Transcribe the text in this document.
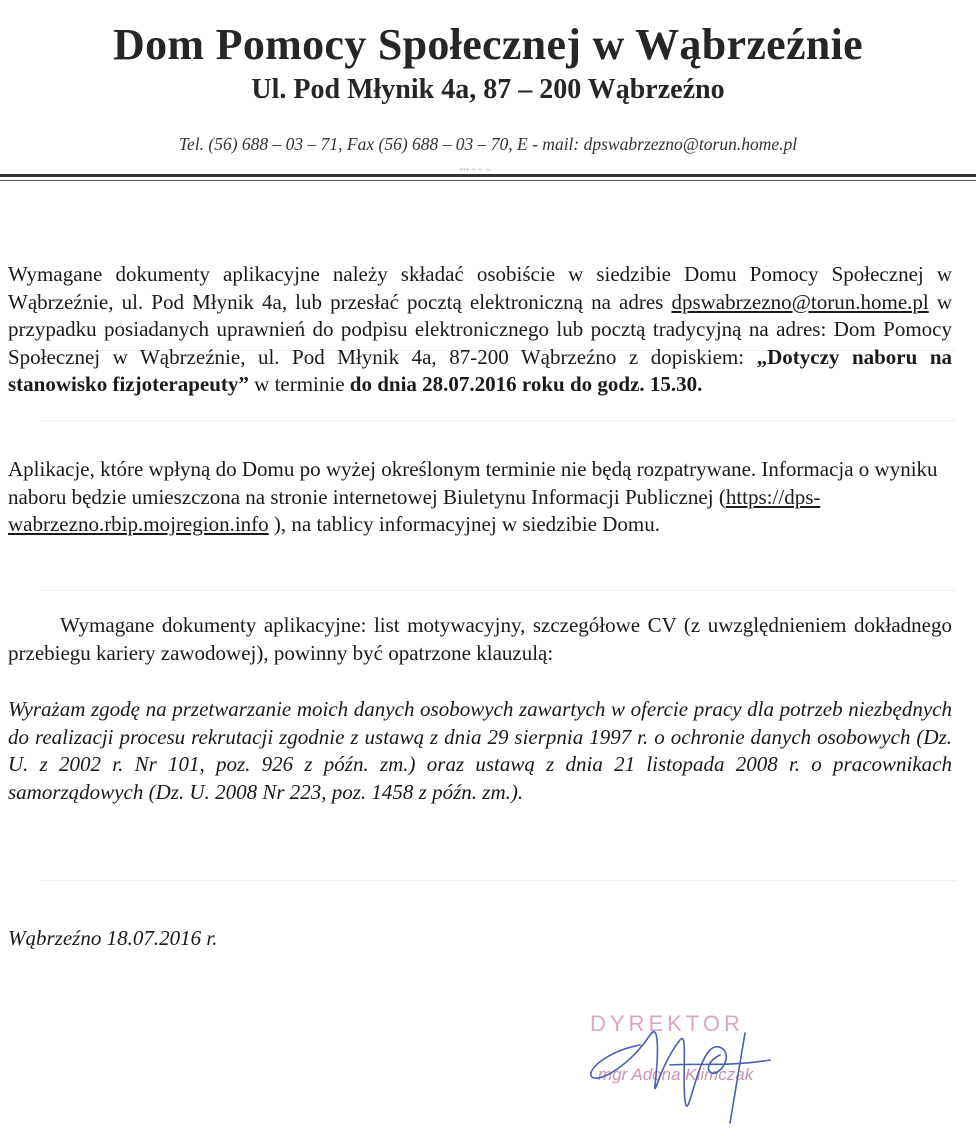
Dom Pomocy Społecznej w Wąbrzeźnie

Ul. Pod Młynik 4a, 87 – 200 Wąbrzeźno

Tel. (56) 688 – 03 – 71, Fax (56) 688 – 03 – 70, E - mail: dpswabrzezno@torun.home.pl
WPŁ. 0 - 0 - 25
Wymagane dokumenty aplikacyjne należy składać osobiście w siedzibie Domu Pomocy Społecznej w Wąbrzeźnie, ul. Pod Młynik 4a, lub przesłać pocztą elektroniczną na adres dpswabrzezno@torun.home.pl w przypadku posiadanych uprawnień do podpisu elektronicznego lub pocztą tradycyjną na adres: Dom Pomocy Społecznej w Wąbrzeźnie, ul. Pod Młynik 4a, 87-200 Wąbrzeźno z dopiskiem: „Dotyczy naboru na stanowisko fizjoterapeuty” w terminie do dnia 28.07.2016 roku do godz. 15.30.
Aplikacje, które wpłyną do Domu po wyżej określonym terminie nie będą rozpatrywane. Informacja o wyniku naboru będzie umieszczona na stronie internetowej Biuletynu Informacji Publicznej (https://dps-wabrzezno.rbip.mojregion.info ), na tablicy informacyjnej w siedzibie Domu.
Wymagane dokumenty aplikacyjne: list motywacyjny, szczegółowe CV (z uwzględnieniem dokładnego przebiegu kariery zawodowej), powinny być opatrzone klauzulą:
Wyrażam zgodę na przetwarzanie moich danych osobowych zawartych w ofercie pracy dla potrzeb niezbędnych do realizacji procesu rekrutacji zgodnie z ustawą z dnia 29 sierpnia 1997 r. o ochronie danych osobowych (Dz. U. z 2002 r. Nr 101, poz. 926 z późn. zm.) oraz ustawą z dnia 21 listopada 2008 r. o pracownikach samorządowych (Dz. U. 2008 Nr 223, poz. 1458 z późn. zm.).
Wąbrzeźno 18.07.2016 r.
DYREKTOR
mgr Adona Klimczak
